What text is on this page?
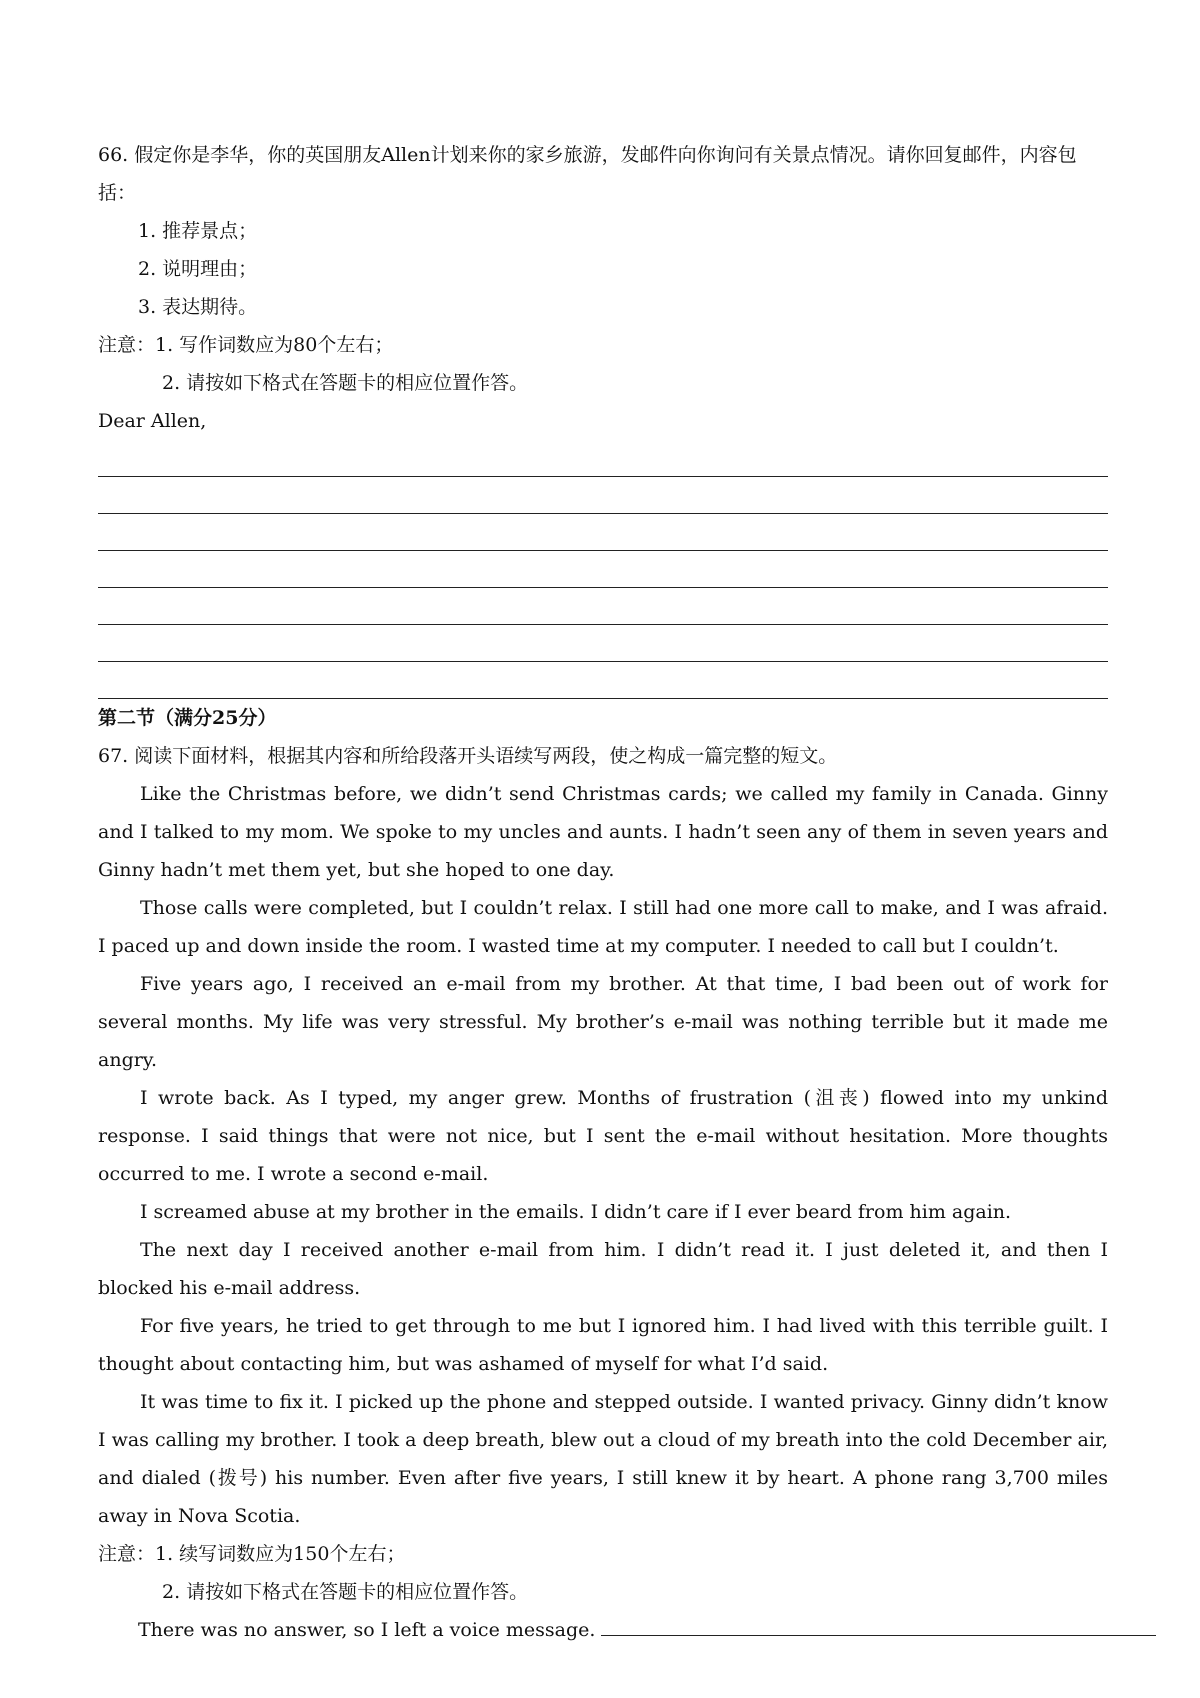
66. 假定你是李华，你的英国朋友Allen计划来你的家乡旅游，发邮件向你询问有关景点情况。请你回复邮件，内容包括：

1. 推荐景点；

2. 说明理由；

3. 表达期待。

注意：1. 写作词数应为80个左右；

2. 请按如下格式在答题卡的相应位置作答。

Dear Allen,

第二节（满分25分）

67. 阅读下面材料，根据其内容和所给段落开头语续写两段，使之构成一篇完整的短文。

Like the Christmas before, we didn’t send Christmas cards; we called my family in Canada. Ginny and I talked to my mom. We spoke to my uncles and aunts. I hadn’t seen any of them in seven years and Ginny hadn’t met them yet, but she hoped to one day.

Those calls were completed, but I couldn’t relax. I still had one more call to make, and I was afraid. I paced up and down inside the room. I wasted time at my computer. I needed to call but I couldn’t.

Five years ago, I received an e-mail from my brother. At that time, I bad been out of work for several months. My life was very stressful. My brother’s e-mail was nothing terrible but it made me angry.

I wrote back. As I typed, my anger grew. Months of frustration (沮丧) flowed into my unkind response. I said things that were not nice, but I sent the e-mail without hesitation. More thoughts occurred to me. I wrote a second e-mail.

I screamed abuse at my brother in the emails. I didn’t care if I ever beard from him again.

The next day I received another e-mail from him. I didn’t read it. I just deleted it, and then I blocked his e-mail address.

For five years, he tried to get through to me but I ignored him. I had lived with this terrible guilt. I thought about contacting him, but was ashamed of myself for what I’d said.

It was time to fix it. I picked up the phone and stepped outside. I wanted privacy. Ginny didn’t know I was calling my brother. I took a deep breath, blew out a cloud of my breath into the cold December air, and dialed (拨号) his number. Even after five years, I still knew it by heart. A phone rang 3,700 miles away in Nova Scotia.

注意：1. 续写词数应为150个左右；

2. 请按如下格式在答题卡的相应位置作答。

There was no answer, so I left a voice message.
